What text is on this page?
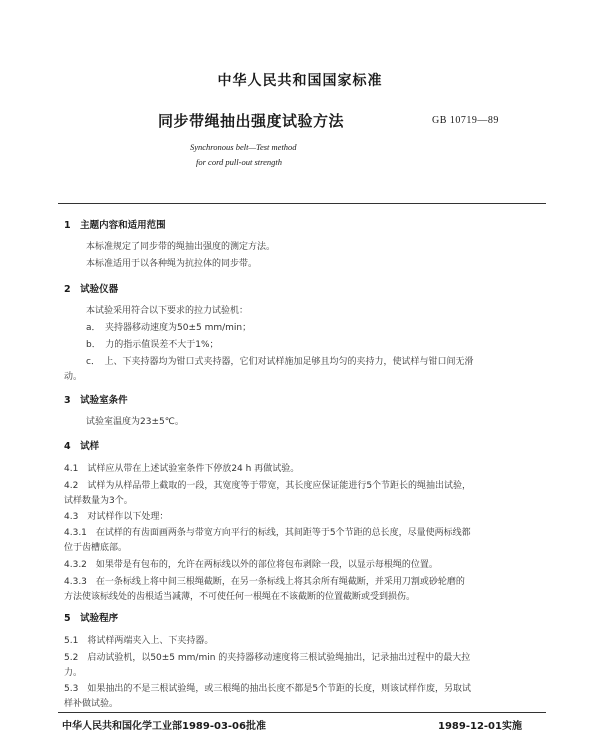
中华人民共和国国家标准
同步带绳抽出强度试验方法	GB 10719—89
Synchronous belt—Test method
for cord pull-out strength
1　主题内容和适用范围
本标准规定了同步带的绳抽出强度的测定方法。
本标准适用于以各种绳为抗拉体的同步带。
2　试验仪器
本试验采用符合以下要求的拉力试验机：
a．　夹持器移动速度为50±5 mm/min；
b．　力的指示值误差不大于1%；
c．　上、下夹持器均为钳口式夹持器，它们对试样施加足够且均匀的夹持力，使试样与钳口间无滑
动。
3　试验室条件
试验室温度为23±5℃。
4　试样
4.1　试样应从带在上述试验室条件下停放24 h 再做试验。
4.2　试样为从样品带上截取的一段，其宽度等于带宽，其长度应保证能进行5个节距长的绳抽出试验，
试样数量为3个。
4.3　对试样作以下处理：
4.3.1　在试样的有齿面画两条与带宽方向平行的标线，其间距等于5个节距的总长度，尽量使两标线都
位于齿槽底部。
4.3.2　如果带是有包布的，允许在两标线以外的部位将包布剥除一段，以显示每根绳的位置。
4.3.3　在一条标线上将中间三根绳截断，在另一条标线上将其余所有绳截断，并采用刀割或砂轮磨的
方法使该标线处的齿根适当减薄，不可使任何一根绳在不该截断的位置截断或受到损伤。
5　试验程序
5.1　将试样两端夹入上、下夹持器。
5.2　启动试验机，以50±5 mm/min 的夹持器移动速度将三根试验绳抽出，记录抽出过程中的最大拉
力。
5.3　如果抽出的不是三根试验绳，或三根绳的抽出长度不都是5个节距的长度，则该试样作废，另取试
样补做试验。
中华人民共和国化学工业部1989-03-06批准	1989-12-01实施
